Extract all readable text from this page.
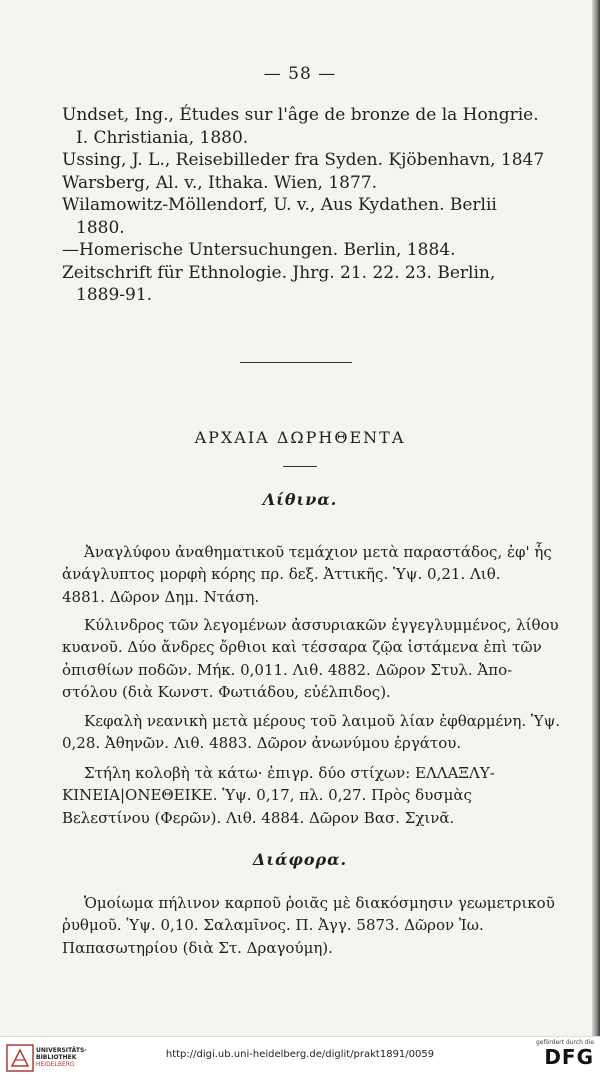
— 58 —
Undset, Ing., Études sur l'âge de bronze de la Hongrie.
I. Christiania, 1880.
Ussing, J. L., Reisebilleder fra Syden. Kjöbenhavn, 1847
Warsberg, Al. v., Ithaka. Wien, 1877.
Wilamowitz-Möllendorf, U. v., Aus Kydathen. Berlii
1880.
—Homerische Untersuchungen. Berlin, 1884.
Zeitschrift für Ethnologie. Jhrg. 21. 22. 23. Berlin,
1889-91.
ΑΡΧΑΙΑ ΔΩΡΗΘΕΝΤΑ
Λίθινα.
Ἀναγλύφου ἀναθηματικοῦ τεμάχιον μετὰ παραστάδος, ἐφ' ἧς
ἀνάγλυπτος μορφὴ κόρης πρ. δεξ. Ἀττικῆς. Ὑψ. 0,21. Λιθ.
4881. Δῶρον Δημ. Ντάση.
Κύλινδρος τῶν λεγομένων ἀσσυριακῶν ἐγγεγλυμμένος, λίθου
κυανοῦ. Δύο ἄνδρες ὄρθιοι καὶ τέσσαρα ζῷα ἱστάμενα ἐπὶ τῶν
ὀπισθίων ποδῶν. Μήκ. 0,011. Λιθ. 4882. Δῶρον Στυλ. Ἀπο-
στόλου (διὰ Κωνστ. Φωτιάδου, εὐέλπιδος).
Κεφαλὴ νεανικὴ μετὰ μέρους τοῦ λαιμοῦ λίαν ἐφθαρμένη. Ὑψ.
0,28. Ἀθηνῶν. Λιθ. 4883. Δῶρον ἀνωνύμου ἐργάτου.
Στήλη κολοβὴ τὰ κάτω· ἐπιγρ. δύο στίχων: ΕΛΛΑΞΛΥ-
ΚΙΝΕΙΑ|ΟΝΕΘΕΙΚΕ. Ὑψ. 0,17, πλ. 0,27. Πρὸς δυσμὰς
Βελεστίνου (Φερῶν). Λιθ. 4884. Δῶρον Βασ. Σχινᾶ.
Διάφορα.
Ὁμοίωμα πήλινον καρποῦ ῥοιᾶς μὲ διακόσμησιν γεωμετρικοῦ
ῥυθμοῦ. Ὑψ. 0,10. Σαλαμῖνος. Π. Ἀγγ. 5873. Δῶρον Ἰω.
Παπασωτηρίου (διὰ Στ. Δραγούμη).
UNIVERSITÄTS-
BIBLIOTHEK
HEIDELBERG
http://digi.ub.uni-heidelberg.de/diglit/prakt1891/0059
gefördert durch die
DFG
